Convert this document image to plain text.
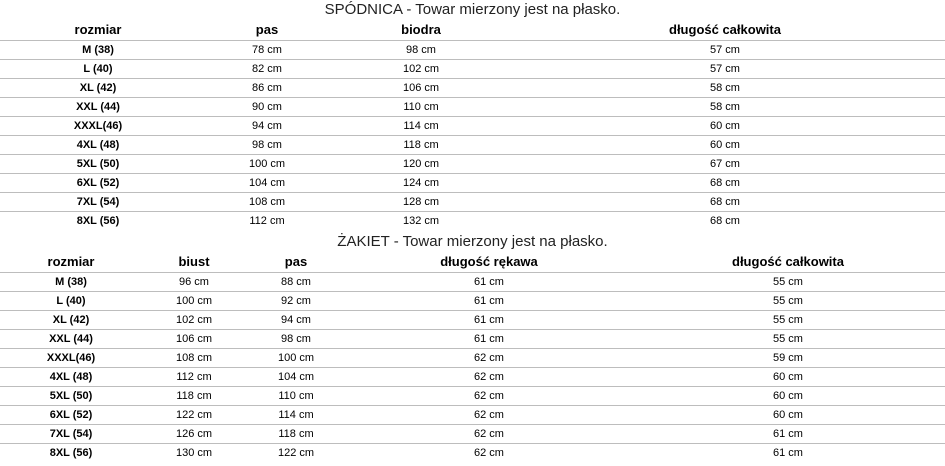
SPÓDNICA - Towar mierzony jest na płasko.
rozmiar	pas	biodra	długość całkowita
M (38)	78 cm	98 cm	57 cm
L (40)	82 cm	102 cm	57 cm
XL (42)	86 cm	106 cm	58 cm
XXL (44)	90 cm	110 cm	58 cm
XXXL(46)	94 cm	114 cm	60 cm
4XL (48)	98 cm	118 cm	60 cm
5XL (50)	100 cm	120 cm	67 cm
6XL (52)	104 cm	124 cm	68 cm
7XL (54)	108 cm	128 cm	68 cm
8XL (56)	112 cm	132 cm	68 cm
ŻAKIET - Towar mierzony jest na płasko.
rozmiar	biust	pas	długość rękawa	długość całkowita
M (38)	96 cm	88 cm	61 cm	55 cm
L (40)	100 cm	92 cm	61 cm	55 cm
XL (42)	102 cm	94 cm	61 cm	55 cm
XXL (44)	106 cm	98 cm	61 cm	55 cm
XXXL(46)	108 cm	100 cm	62 cm	59 cm
4XL (48)	112 cm	104 cm	62 cm	60 cm
5XL (50)	118 cm	110 cm	62 cm	60 cm
6XL (52)	122 cm	114 cm	62 cm	60 cm
7XL (54)	126 cm	118 cm	62 cm	61 cm
8XL (56)	130 cm	122 cm	62 cm	61 cm
